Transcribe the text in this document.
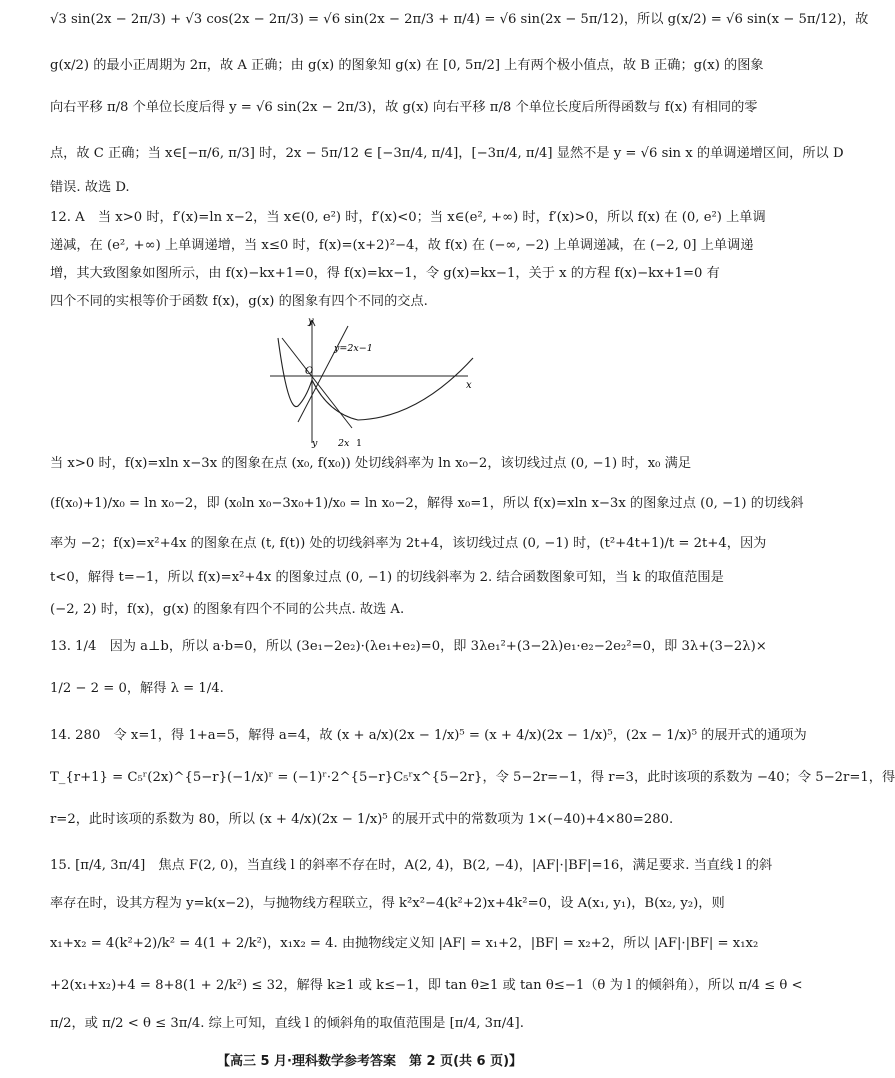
√3 sin(2x − 2π/3) + √3 cos(2x − 2π/3) = √6 sin(2x − 2π/3 + π/4) = √6 sin(2x − 5π/12)，所以 g(x/2) = √6 sin(x − 5π/12)，故
g(x/2) 的最小正周期为 2π，故 A 正确；由 g(x) 的图象知 g(x) 在 [0, 5π/2] 上有两个极小值点，故 B 正确；g(x) 的图象
向右平移 π/8 个单位长度后得 y = √6 sin(2x − 2π/3)，故 g(x) 向右平移 π/8 个单位长度后所得函数与 f(x) 有相同的零
点，故 C 正确；当 x∈[−π/6, π/3] 时，2x − 5π/12 ∈ [−3π/4, π/4]，[−3π/4, π/4] 显然不是 y = √6 sin x 的单调递增区间，所以 D
错误. 故选 D.
12. A　当 x>0 时，f′(x)=ln x−2，当 x∈(0, e²) 时，f′(x)<0；当 x∈(e², +∞) 时，f′(x)>0，所以 f(x) 在 (0, e²) 上单调
递减，在 (e², +∞) 上单调递增，当 x≤0 时，f(x)=(x+2)²−4，故 f(x) 在 (−∞, −2) 上单调递减，在 (−2, 0] 上单调递
增，其大致图象如图所示，由 f(x)−kx+1=0，得 f(x)=kx−1，令 g(x)=kx−1，关于 x 的方程 f(x)−kx+1=0 有
四个不同的实根等价于函数 f(x)，g(x) 的图象有四个不同的交点.
y
x
O
y=2x−1
y 2x 1
当 x>0 时，f(x)=xln x−3x 的图象在点 (x₀, f(x₀)) 处切线斜率为 ln x₀−2，该切线过点 (0, −1) 时，x₀ 满足
(f(x₀)+1)/x₀ = ln x₀−2，即 (x₀ln x₀−3x₀+1)/x₀ = ln x₀−2，解得 x₀=1，所以 f(x)=xln x−3x 的图象过点 (0, −1) 的切线斜
率为 −2；f(x)=x²+4x 的图象在点 (t, f(t)) 处的切线斜率为 2t+4，该切线过点 (0, −1) 时，(t²+4t+1)/t = 2t+4，因为
t<0，解得 t=−1，所以 f(x)=x²+4x 的图象过点 (0, −1) 的切线斜率为 2. 结合函数图象可知，当 k 的取值范围是
(−2, 2) 时，f(x)，g(x) 的图象有四个不同的公共点. 故选 A.
13. 1/4　因为 a⊥b，所以 a·b=0，所以 (3e₁−2e₂)·(λe₁+e₂)=0，即 3λe₁²+(3−2λ)e₁·e₂−2e₂²=0，即 3λ+(3−2λ)×
1/2 − 2 = 0，解得 λ = 1/4.
14. 280　令 x=1，得 1+a=5，解得 a=4，故 (x + a/x)(2x − 1/x)⁵ = (x + 4/x)(2x − 1/x)⁵，(2x − 1/x)⁵ 的展开式的通项为
T_{r+1} = C₅ʳ(2x)^{5−r}(−1/x)ʳ = (−1)ʳ·2^{5−r}C₅ʳx^{5−2r}，令 5−2r=−1，得 r=3，此时该项的系数为 −40；令 5−2r=1，得
r=2，此时该项的系数为 80，所以 (x + 4/x)(2x − 1/x)⁵ 的展开式中的常数项为 1×(−40)+4×80=280.
15. [π/4, 3π/4]　焦点 F(2, 0)，当直线 l 的斜率不存在时，A(2, 4)，B(2, −4)，|AF|·|BF|=16，满足要求. 当直线 l 的斜
率存在时，设其方程为 y=k(x−2)，与抛物线方程联立，得 k²x²−4(k²+2)x+4k²=0，设 A(x₁, y₁)，B(x₂, y₂)，则
x₁+x₂ = 4(k²+2)/k² = 4(1 + 2/k²)，x₁x₂ = 4. 由抛物线定义知 |AF| = x₁+2，|BF| = x₂+2，所以 |AF|·|BF| = x₁x₂
+2(x₁+x₂)+4 = 8+8(1 + 2/k²) ≤ 32，解得 k≥1 或 k≤−1，即 tan θ≥1 或 tan θ≤−1（θ 为 l 的倾斜角），所以 π/4 ≤ θ <
π/2，或 π/2 < θ ≤ 3π/4. 综上可知，直线 l 的倾斜角的取值范围是 [π/4, 3π/4].
【高三 5 月·理科数学参考答案　第 2 页(共 6 页)】
